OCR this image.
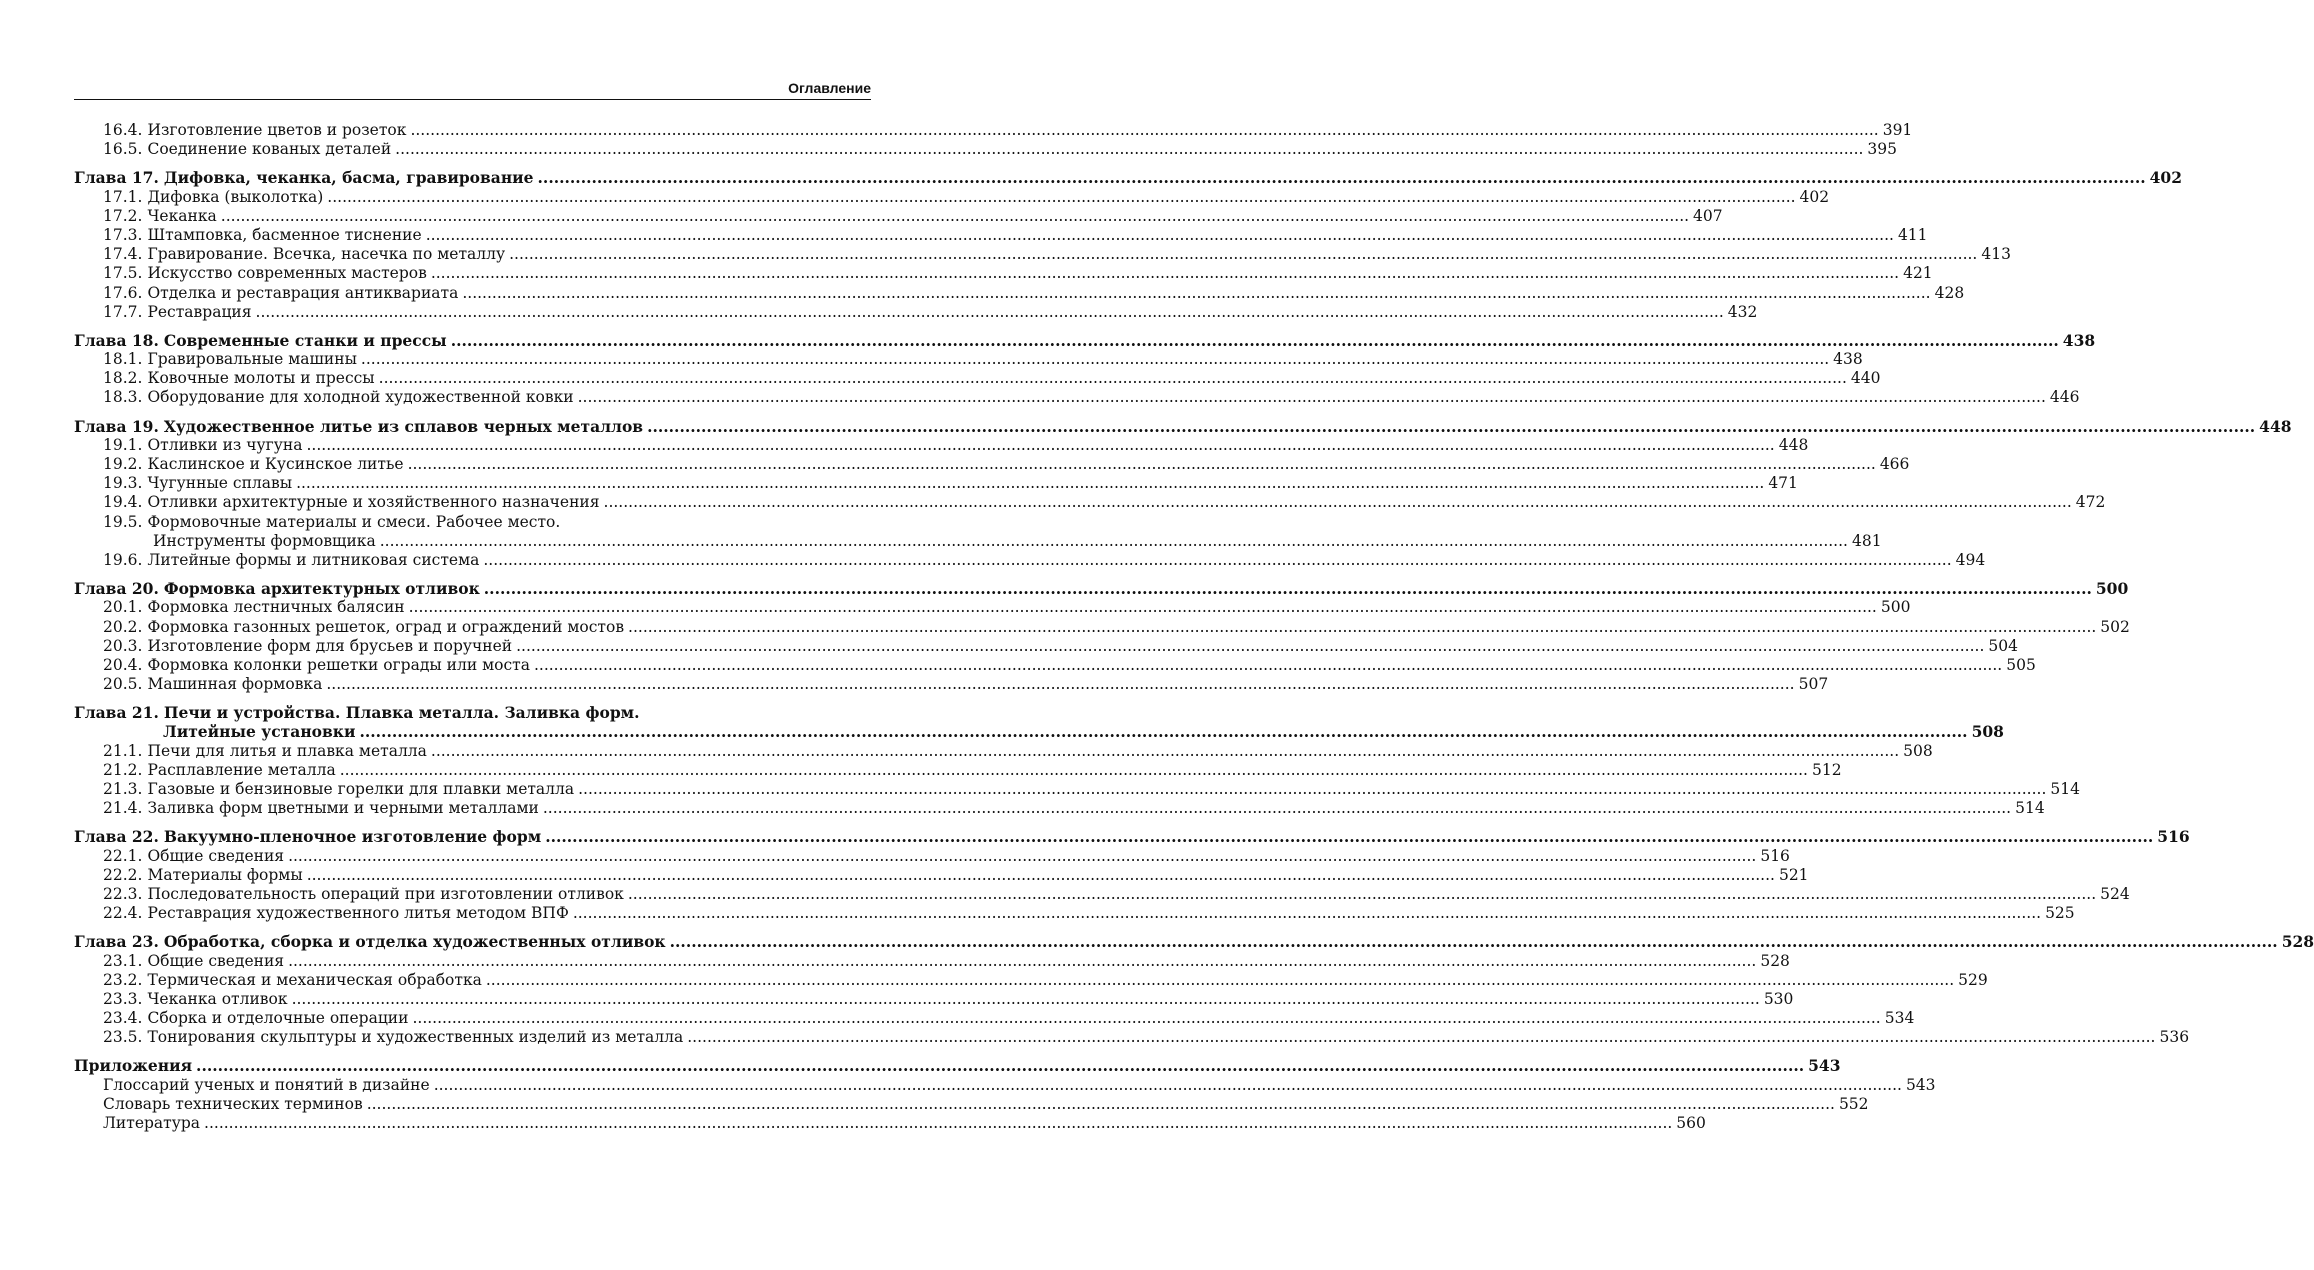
Оглавление
16.4. Изготовление цветов и розеток .....	391
16.5. Соединение кованых деталей .....	395
Глава 17. Дифовка, чеканка, басма, гравирование .....	402
17.1. Дифовка (выколотка) .....	402
17.2. Чеканка .....	407
17.3. Штамповка, басменное тиснение .....	411
17.4. Гравирование. Всечка, насечка по металлу .....	413
17.5. Искусство современных мастеров .....	421
17.6. Отделка и реставрация антиквариата .....	428
17.7. Реставрация .....	432
Глава 18. Современные станки и прессы .....	438
18.1. Гравировальные машины .....	438
18.2. Ковочные молоты и прессы .....	440
18.3. Оборудование для холодной художественной ковки .....	446
Глава 19. Художественное литье из сплавов черных металлов .....	448
19.1. Отливки из чугуна .....	448
19.2. Каслинское и Кусинское литье .....	466
19.3. Чугунные сплавы .....	471
19.4. Отливки архитектурные и хозяйственного назначения .....	472
19.5. Формовочные материалы и смеси. Рабочее место.
Инструменты формовщика .....	481
19.6. Литейные формы и литниковая система .....	494
Глава 20. Формовка архитектурных отливок .....	500
20.1. Формовка лестничных балясин .....	500
20.2. Формовка газонных решеток, оград и ограждений мостов .....	502
20.3. Изготовление форм для брусьев и поручней .....	504
20.4. Формовка колонки решетки ограды или моста .....	505
20.5. Машинная формовка .....	507
Глава 21. Печи и устройства. Плавка металла. Заливка форм.
Литейные установки .....	508
21.1. Печи для литья и плавка металла .....	508
21.2. Расплавление металла .....	512
21.3. Газовые и бензиновые горелки для плавки металла .....	514
21.4. Заливка форм цветными и черными металлами .....	514
Глава 22. Вакуумно-пленочное изготовление форм .....	516
22.1. Общие сведения .....	516
22.2. Материалы формы .....	521
22.3. Последовательность операций при изготовлении отливок .....	524
22.4. Реставрация художественного литья методом ВПФ .....	525
Глава 23. Обработка, сборка и отделка художественных отливок .....	528
23.1. Общие сведения .....	528
23.2. Термическая и механическая обработка .....	529
23.3. Чеканка отливок .....	530
23.4. Сборка и отделочные операции .....	534
23.5. Тонирования скульптуры и художественных изделий из металла .....	536
Приложения .....	543
Глоссарий ученых и понятий в дизайне .....	543
Словарь технических терминов .....	552
Литература .....	560
